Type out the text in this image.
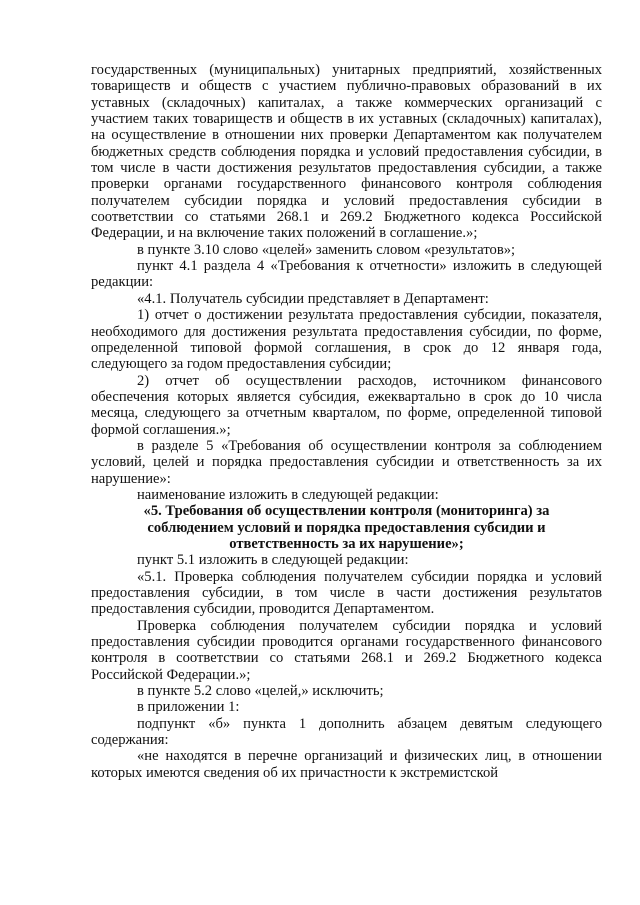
государственных (муниципальных) унитарных предприятий, хозяйственных товариществ и обществ с участием публично-правовых образований в их уставных (складочных) капиталах, а также коммерческих организаций с участием таких товариществ и обществ в их уставных (складочных) капиталах), на осуществление в отношении них проверки Департаментом как получателем бюджетных средств соблюдения порядка и условий предоставления субсидии, в том числе в части достижения результатов предоставления субсидии, а также проверки органами государственного финансового контроля соблюдения получателем субсидии порядка и условий предоставления субсидии в соответствии со статьями 268.1 и 269.2 Бюджетного кодекса Российской Федерации, и на включение таких положений в соглашение.»;

в пункте 3.10 слово «целей» заменить словом «результатов»;

пункт 4.1 раздела 4 «Требования к отчетности» изложить в следующей редакции:

«4.1. Получатель субсидии представляет в Департамент:

1) отчет о достижении результата предоставления субсидии, показателя, необходимого для достижения результата предоставления субсидии, по форме, определенной типовой формой соглашения, в срок до 12 января года, следующего за годом предоставления субсидии;

2) отчет об осуществлении расходов, источником финансового обеспечения которых является субсидия, ежеквартально в срок до 10 числа месяца, следующего за отчетным кварталом, по форме, определенной типовой формой соглашения.»;

в разделе 5 «Требования об осуществлении контроля за соблюдением условий, целей и порядка предоставления субсидии и ответственность за их нарушение»:

наименование изложить в следующей редакции:

«5. Требования об осуществлении контроля (мониторинга) за соблюдением условий и порядка предоставления субсидии и ответственность за их нарушение»;

пункт 5.1 изложить в следующей редакции:

«5.1. Проверка соблюдения получателем субсидии порядка и условий предоставления субсидии, в том числе в части достижения результатов предоставления субсидии, проводится Департаментом.

Проверка соблюдения получателем субсидии порядка и условий предоставления субсидии проводится органами государственного финансового контроля в соответствии со статьями 268.1 и 269.2 Бюджетного кодекса Российской Федерации.»;

в пункте 5.2 слово «целей,» исключить;

в приложении 1:

подпункт «б» пункта 1 дополнить абзацем девятым следующего содержания:

«не находятся в перечне организаций и физических лиц, в отношении которых имеются сведения об их причастности к экстремистской
